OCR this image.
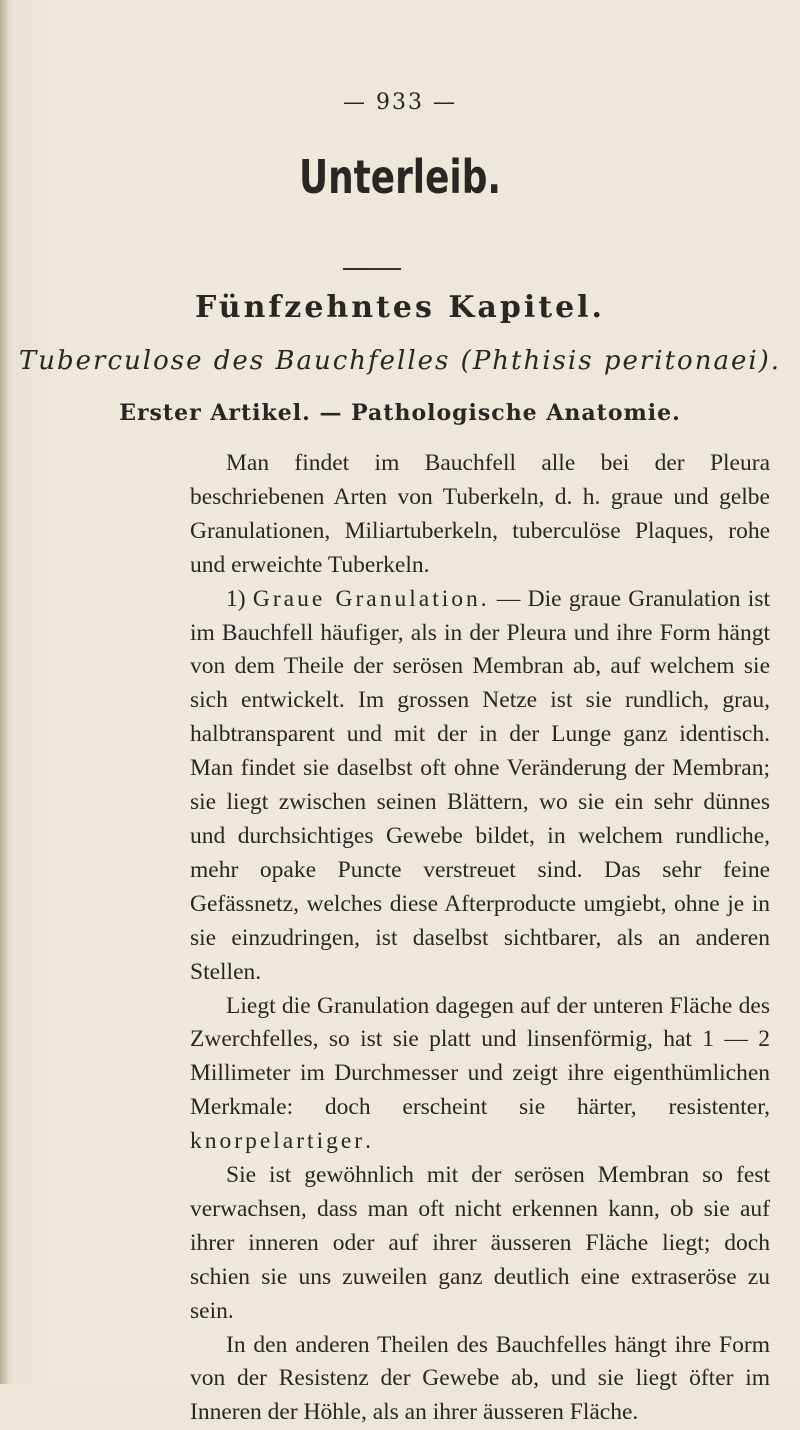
— 933 —
Unterleib.
Fünfzehntes Kapitel.
Tuberculose des Bauchfelles (Phthisis peritonaei).
Erster Artikel. — Pathologische Anatomie.

Man findet im Bauchfell alle bei der Pleura beschriebenen Arten von Tuberkeln, d. h. graue und gelbe Granulationen, Miliartuberkeln, tuberculöse Plaques, rohe und erweichte Tuberkeln.

1) Graue Granulation. — Die graue Granulation ist im Bauchfell häufiger, als in der Pleura und ihre Form hängt von dem Theile der serösen Membran ab, auf welchem sie sich entwickelt. Im grossen Netze ist sie rundlich, grau, halbtransparent und mit der in der Lunge ganz identisch. Man findet sie daselbst oft ohne Veränderung der Membran; sie liegt zwischen seinen Blättern, wo sie ein sehr dünnes und durchsichtiges Gewebe bildet, in welchem rundliche, mehr opake Puncte verstreuet sind. Das sehr feine Gefässnetz, welches diese Afterproducte umgiebt, ohne je in sie einzudringen, ist daselbst sichtbarer, als an anderen Stellen.

Liegt die Granulation dagegen auf der unteren Fläche des Zwerchfelles, so ist sie platt und linsenförmig, hat 1 — 2 Millimeter im Durchmesser und zeigt ihre eigenthümlichen Merkmale: doch erscheint sie härter, resistenter, knorpelartiger.

Sie ist gewöhnlich mit der serösen Membran so fest verwachsen, dass man oft nicht erkennen kann, ob sie auf ihrer inneren oder auf ihrer äusseren Fläche liegt; doch schien sie uns zuweilen ganz deutlich eine extraseröse zu sein.

In den anderen Theilen des Bauchfelles hängt ihre Form von der Resistenz der Gewebe ab, und sie liegt öfter im Inneren der Höhle, als an ihrer äusseren Fläche.
